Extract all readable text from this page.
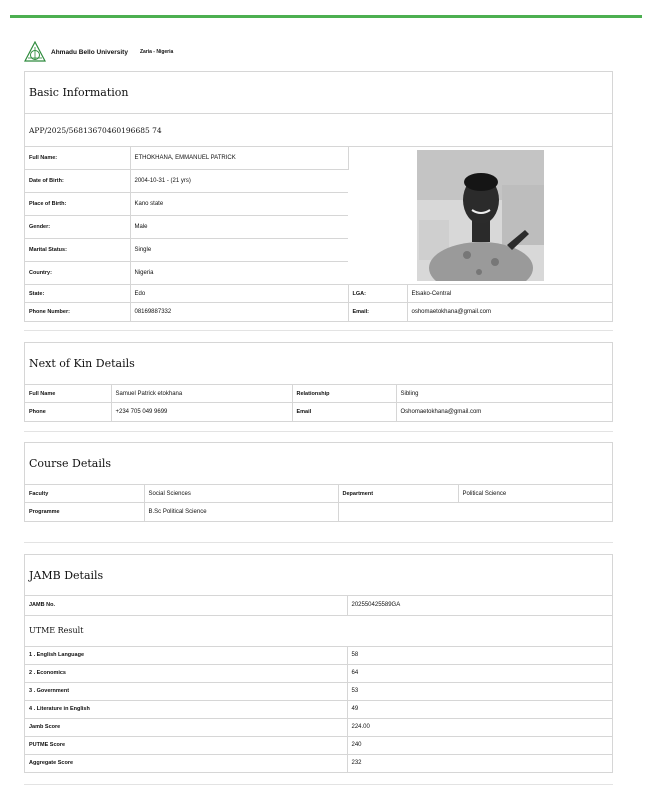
Ahmadu Bello University Zaria - Nigeria
Basic Information
APP/2025/56813670460196685 74
Full Name:	ETHOKHANA, EMMANUEL PATRICK	

Date of Birth:	2004-10-31 - (21 yrs)		
Place of Birth:	Kano state		
Gender:	Male		
Marital Status:	Single		
Country:	Nigeria		
State:	Edo	LGA:	Etsako-Central
Phone Number:	08169887332	Email:	oshomaetokhana@gmail.com
Next of Kin Details
Full Name	Samuel Patrick etokhana	Relationship	Sibling
Phone	+234 705 049 9699	Email	Oshomaetokhana@gmail.com
Course Details
Faculty	Social Sciences	Department	Political Science
Programme	B.Sc Political Science		
JAMB Details
JAMB No.	202550425589GA
UTME Result
1 . English Language	58
2 . Economics	64
3 . Government	53
4 . Literature in English	49
Jamb Score	224.00
PUTME Score	240
Aggregate Score	232
